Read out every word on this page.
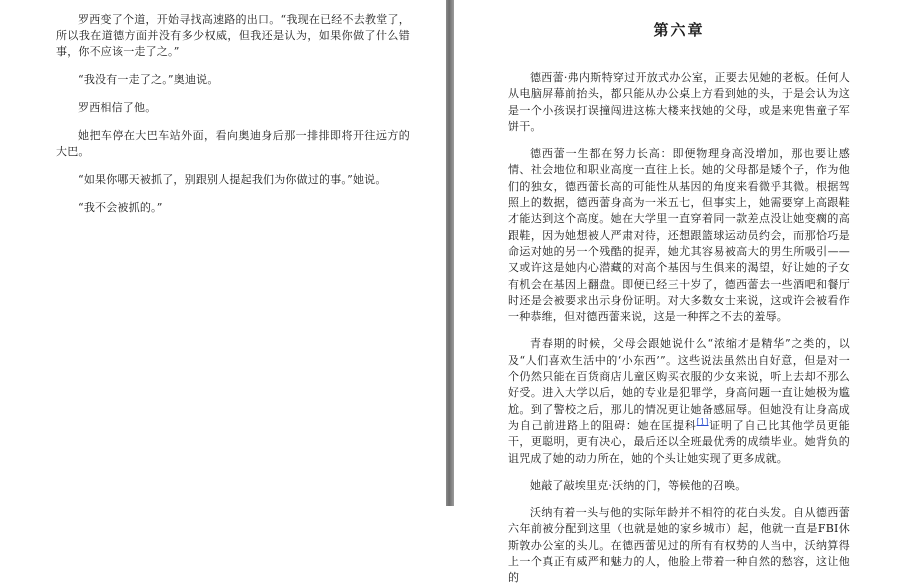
罗西变了个道，开始寻找高速路的出口。“我现在已经不去教堂了，所以我在道德方面并没有多少权威，但我还是认为，如果你做了什么错事，你不应该一走了之。”

“我没有一走了之。”奥迪说。

罗西相信了他。

她把车停在大巴车站外面，看向奥迪身后那一排排即将开往远方的大巴。

“如果你哪天被抓了，别跟别人提起我们为你做过的事。”她说。

“我不会被抓的。”

第六章

德西蕾·弗内斯特穿过开放式办公室，正要去见她的老板。任何人从电脑屏幕前抬头，都只能从办公桌上方看到她的头，于是会认为这是一个小孩误打误撞闯进这栋大楼来找她的父母，或是来兜售童子军饼干。

德西蕾一生都在努力长高：即便物理身高没增加，那也要让感情、社会地位和职业高度一直往上长。她的父母都是矮个子，作为他们的独女，德西蕾长高的可能性从基因的角度来看微乎其微。根据驾照上的数据，德西蕾身高为一米五七，但事实上，她需要穿上高跟鞋才能达到这个高度。她在大学里一直穿着同一款差点没让她变瘸的高跟鞋，因为她想被人严肃对待，还想跟篮球运动员约会，而那恰巧是命运对她的另一个残酷的捉弄，她尤其容易被高大的男生所吸引——又或许这是她内心潜藏的对高个基因与生俱来的渴望，好让她的子女有机会在基因上翻盘。即便已经三十岁了，德西蕾去一些酒吧和餐厅时还是会被要求出示身份证明。对大多数女士来说，这或许会被看作一种恭维，但对德西蕾来说，这是一种挥之不去的羞辱。

青春期的时候，父母会跟她说什么“浓缩才是精华”之类的，以及“人们喜欢生活中的‘小东西’”。这些说法虽然出自好意，但是对一个仍然只能在百货商店儿童区购买衣服的少女来说，听上去却不那么好受。进入大学以后，她的专业是犯罪学，身高问题一直让她极为尴尬。到了警校之后，那儿的情况更让她备感屈辱。但她没有让身高成为自己前进路上的阻碍：她在匡提科[1]证明了自己比其他学员更能干，更聪明，更有决心，最后还以全班最优秀的成绩毕业。她背负的诅咒成了她的动力所在，她的个头让她实现了更多成就。

她敲了敲埃里克·沃纳的门，等候他的召唤。

沃纳有着一头与他的实际年龄并不相符的花白头发。自从德西蕾六年前被分配到这里（也就是她的家乡城市）起，他就一直是FBI休斯敦办公室的头儿。在德西蕾见过的所有有权势的人当中，沃纳算得上一个真正有威严和魅力的人，他脸上带着一种自然的愁容，这让他的
